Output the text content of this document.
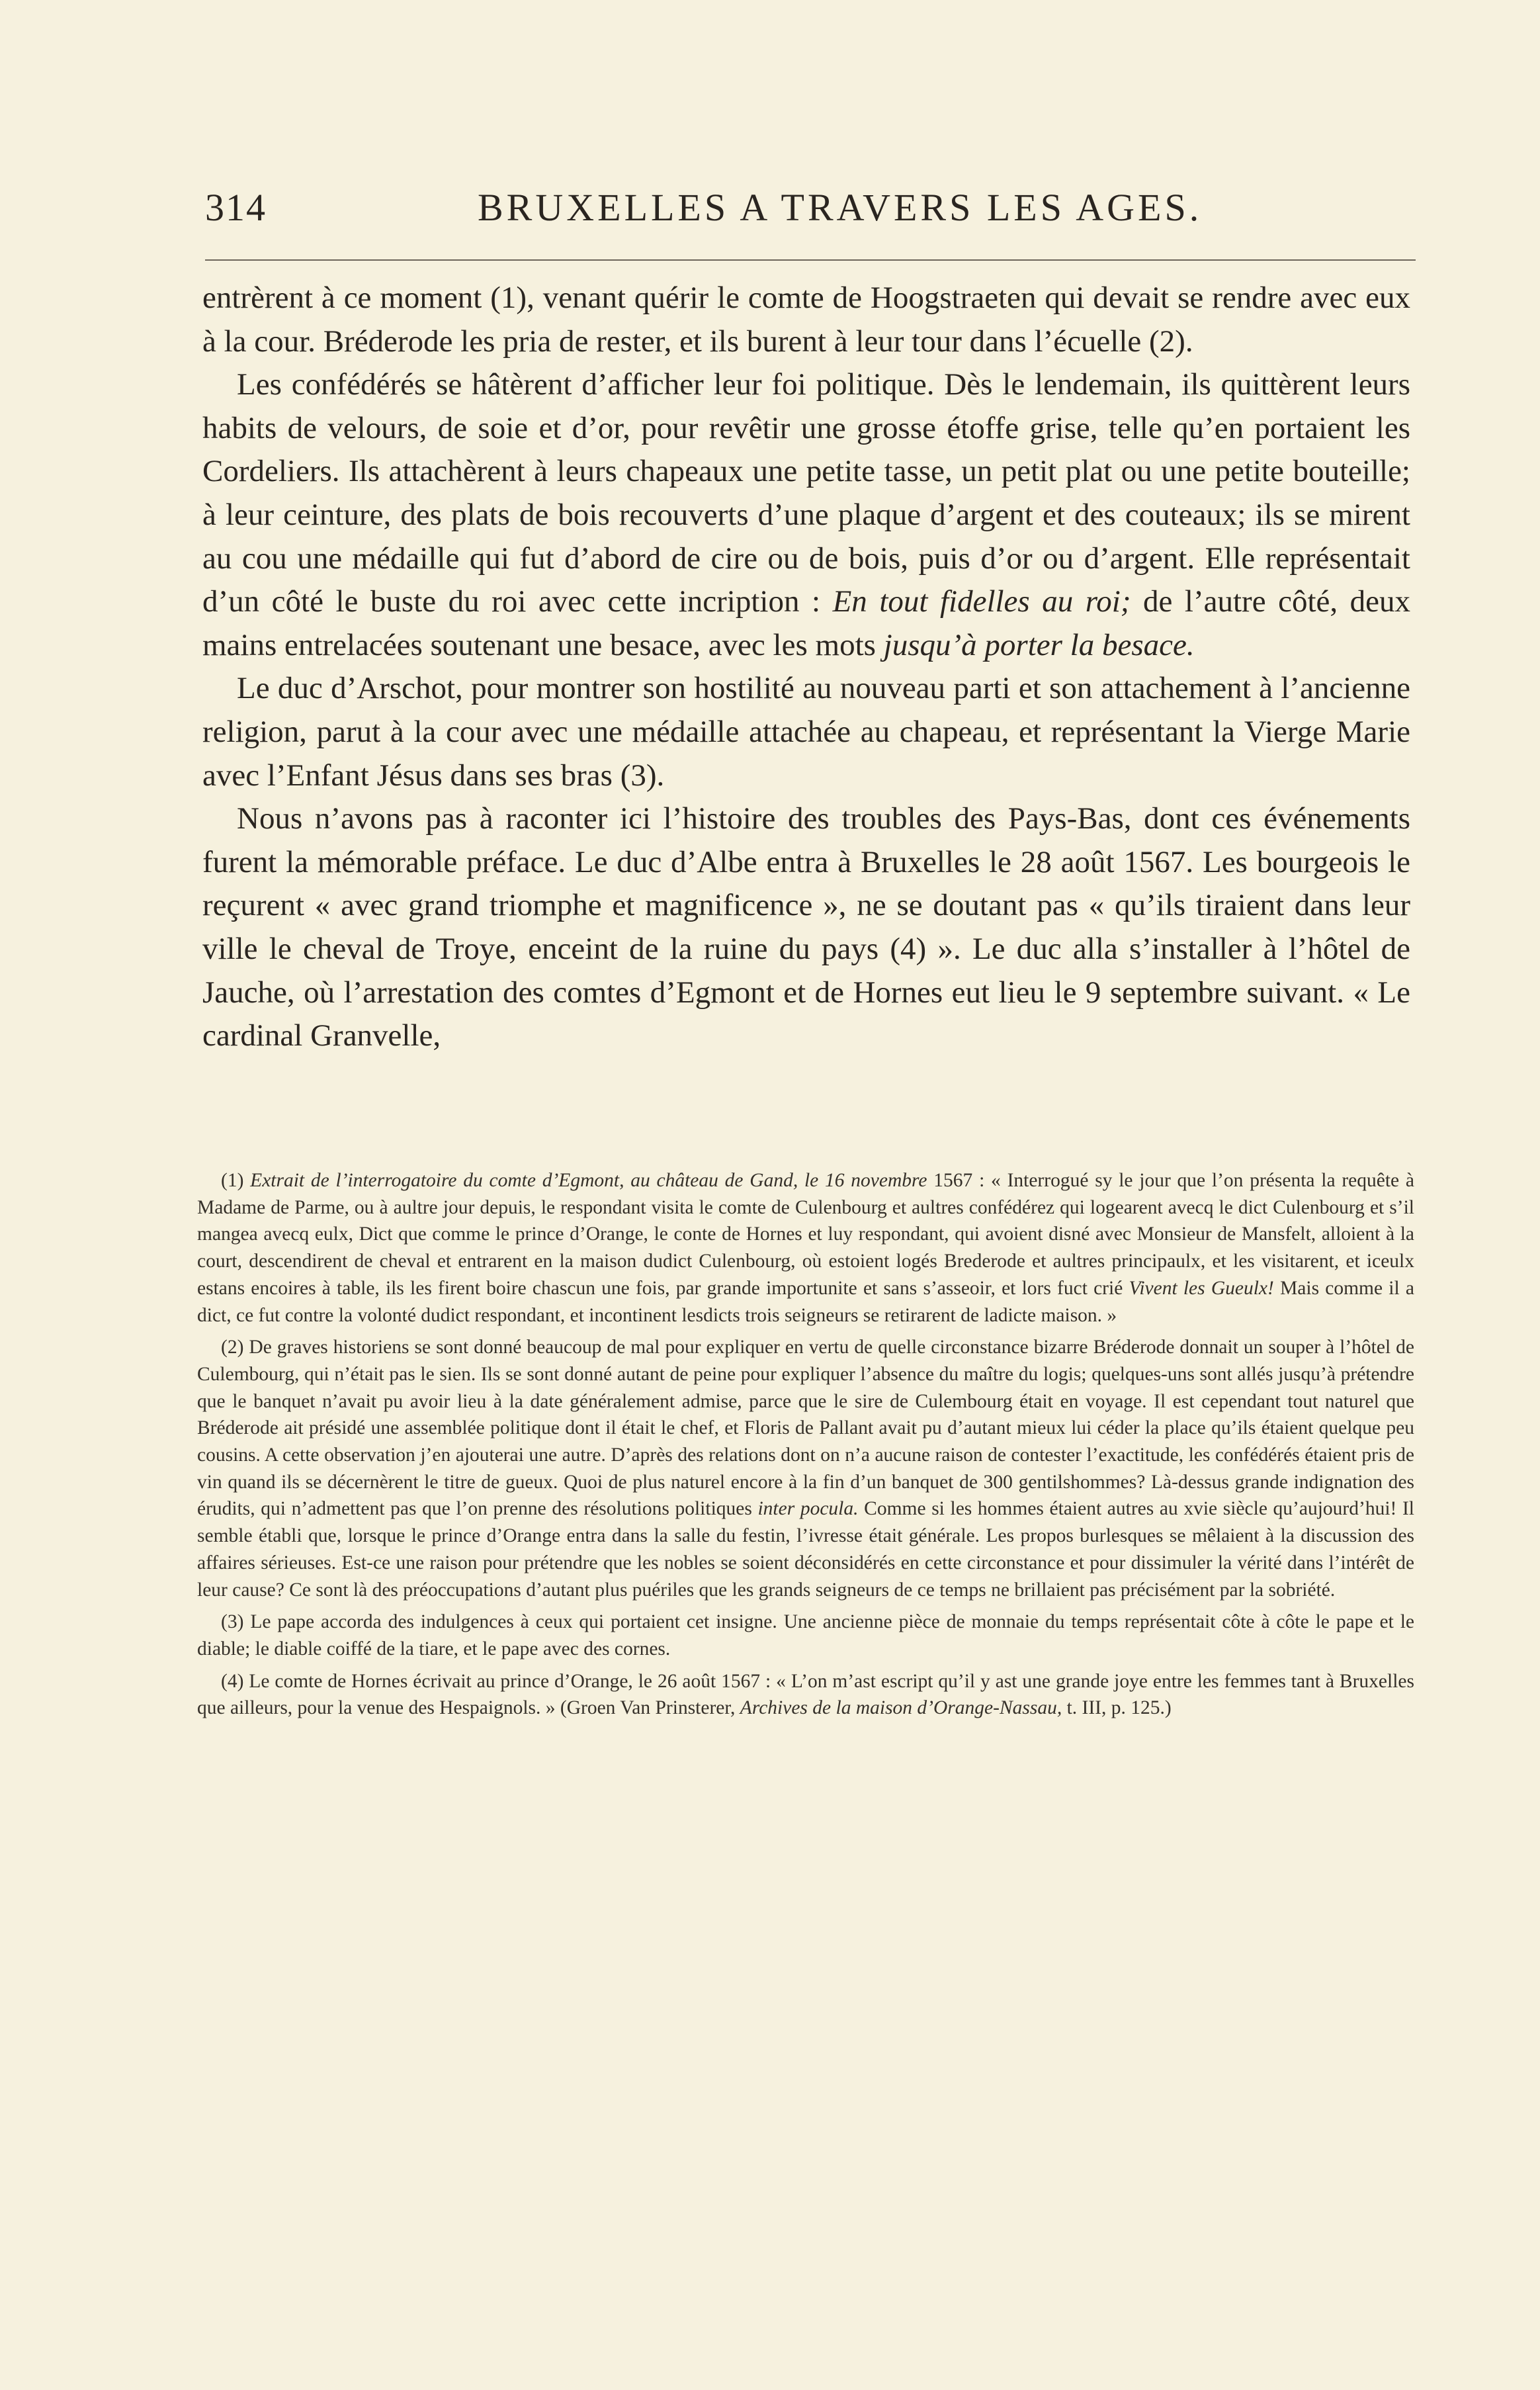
314	BRUXELLES A TRAVERS LES AGES.

entrèrent à ce moment (1), venant quérir le comte de Hoogstraeten qui devait se rendre avec eux à la cour. Bréderode les pria de rester, et ils burent à leur tour dans l’écuelle (2).

Les confédérés se hâtèrent d’afficher leur foi politique. Dès le lendemain, ils quittèrent leurs habits de velours, de soie et d’or, pour revêtir une grosse étoffe grise, telle qu’en portaient les Cordeliers. Ils attachèrent à leurs chapeaux une petite tasse, un petit plat ou une petite bouteille; à leur ceinture, des plats de bois recouverts d’une plaque d’argent et des couteaux; ils se mirent au cou une médaille qui fut d’abord de cire ou de bois, puis d’or ou d’argent. Elle représentait d’un côté le buste du roi avec cette incription : En tout fidelles au roi; de l’autre côté, deux mains entrelacées soutenant une besace, avec les mots jusqu’à porter la besace.

Le duc d’Arschot, pour montrer son hostilité au nouveau parti et son attachement à l’ancienne religion, parut à la cour avec une médaille attachée au chapeau, et représentant la Vierge Marie avec l’Enfant Jésus dans ses bras (3).

Nous n’avons pas à raconter ici l’histoire des troubles des Pays-Bas, dont ces événements furent la mémorable préface. Le duc d’Albe entra à Bruxelles le 28 août 1567. Les bourgeois le reçurent « avec grand triomphe et magnificence », ne se doutant pas « qu’ils tiraient dans leur ville le cheval de Troye, enceint de la ruine du pays (4) ». Le duc alla s’installer à l’hôtel de Jauche, où l’arrestation des comtes d’Egmont et de Hornes eut lieu le 9 septembre suivant. « Le cardinal Granvelle,

(1) Extrait de l’interrogatoire du comte d’Egmont, au château de Gand, le 16 novembre 1567 : « Interrogué sy le jour que l’on présenta la requête à Madame de Parme, ou à aultre jour depuis, le respondant visita le comte de Culenbourg et aultres confédérez qui logearent avecq le dict Culenbourg et s’il mangea avecq eulx, Dict que comme le prince d’Orange, le conte de Hornes et luy respondant, qui avoient disné avec Monsieur de Mansfelt, alloient à la court, descendirent de cheval et entrarent en la maison dudict Culenbourg, où estoient logés Brederode et aultres principaulx, et les visitarent, et iceulx estans encoires à table, ils les firent boire chascun une fois, par grande importunite et sans s’asseoir, et lors fuct crié Vivent les Gueulx! Mais comme il a dict, ce fut contre la volonté dudict respondant, et incontinent lesdicts trois seigneurs se retirarent de ladicte maison. »

(2) De graves historiens se sont donné beaucoup de mal pour expliquer en vertu de quelle circonstance bizarre Bréderode donnait un souper à l’hôtel de Culembourg, qui n’était pas le sien. Ils se sont donné autant de peine pour expliquer l’absence du maître du logis; quelques-uns sont allés jusqu’à prétendre que le banquet n’avait pu avoir lieu à la date généralement admise, parce que le sire de Culembourg était en voyage. Il est cependant tout naturel que Bréderode ait présidé une assemblée politique dont il était le chef, et Floris de Pallant avait pu d’autant mieux lui céder la place qu’ils étaient quelque peu cousins. A cette observation j’en ajouterai une autre. D’après des relations dont on n’a aucune raison de contester l’exactitude, les confédérés étaient pris de vin quand ils se décernèrent le titre de gueux. Quoi de plus naturel encore à la fin d’un banquet de 300 gentilshommes? Là-dessus grande indignation des érudits, qui n’admettent pas que l’on prenne des résolutions politiques inter pocula. Comme si les hommes étaient autres au xvie siècle qu’aujourd’hui! Il semble établi que, lorsque le prince d’Orange entra dans la salle du festin, l’ivresse était générale. Les propos burlesques se mêlaient à la discussion des affaires sérieuses. Est-ce une raison pour prétendre que les nobles se soient déconsidérés en cette circonstance et pour dissimuler la vérité dans l’intérêt de leur cause? Ce sont là des préoccupations d’autant plus puériles que les grands seigneurs de ce temps ne brillaient pas précisément par la sobriété.

(3) Le pape accorda des indulgences à ceux qui portaient cet insigne. Une ancienne pièce de monnaie du temps représentait côte à côte le pape et le diable; le diable coiffé de la tiare, et le pape avec des cornes.

(4) Le comte de Hornes écrivait au prince d’Orange, le 26 août 1567 : « L’on m’ast escript qu’il y ast une grande joye entre les femmes tant à Bruxelles que ailleurs, pour la venue des Hespaignols. » (Groen Van Prinsterer, Archives de la maison d’Orange-Nassau, t. III, p. 125.)
